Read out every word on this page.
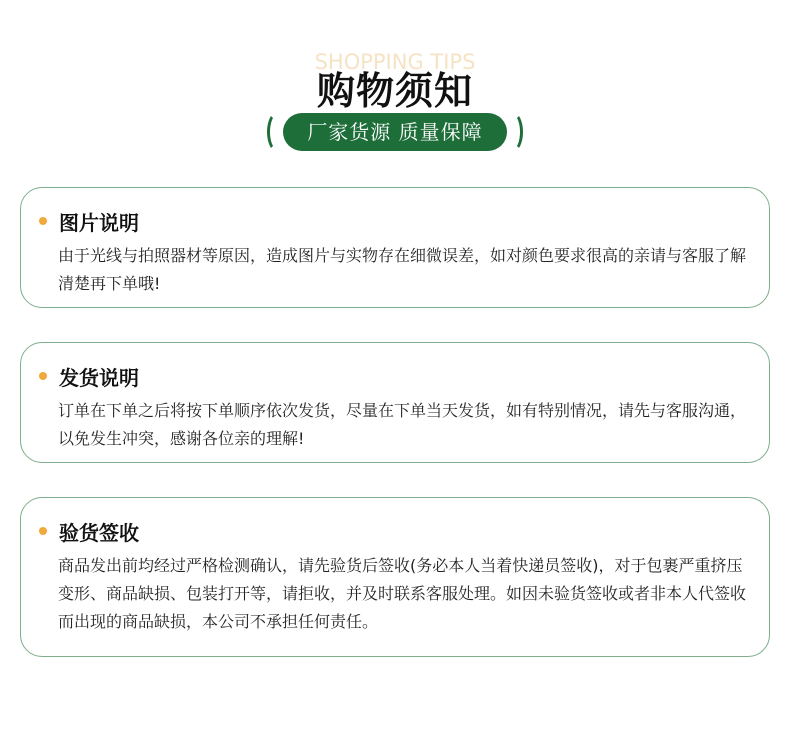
SHOPPING TIPS
购物须知
厂家货源 质量保障
图片说明
由于光线与拍照器材等原因，造成图片与实物存在细微误差，如对颜色要求很高的亲请与客服了解清楚再下单哦!
发货说明
订单在下单之后将按下单顺序依次发货，尽量在下单当天发货，如有特别情况，请先与客服沟通，以免发生冲突，感谢各位亲的理解!
验货签收
商品发出前均经过严格检测确认，请先验货后签收(务必本人当着快递员签收)，对于包裹严重挤压变形、商品缺损、包装打开等，请拒收，并及时联系客服处理。如因未验货签收或者非本人代签收而出现的商品缺损，本公司不承担任何责任。
